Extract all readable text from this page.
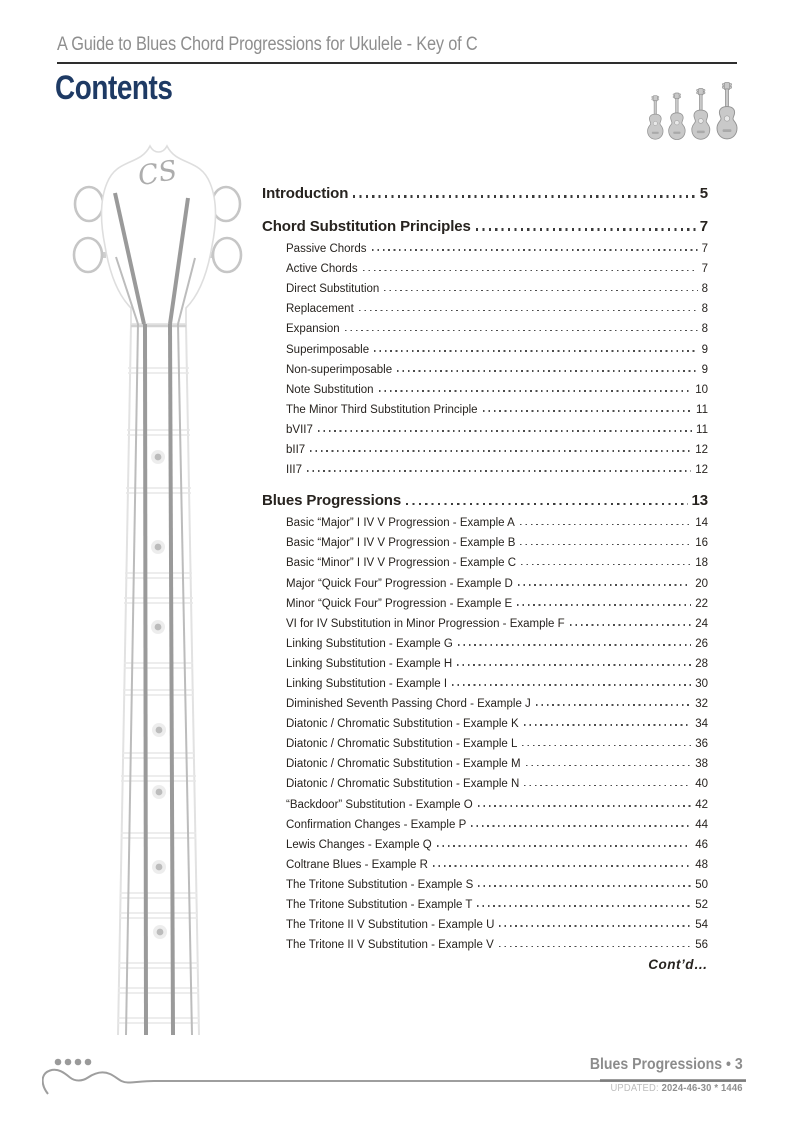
A Guide to Blues Chord Progressions for Ukulele - Key of C
Contents
CS
Introduction	5
Chord Substitution Principles	7
Passive Chords	7
Active Chords	7
Direct Substitution	8
Replacement	8
Expansion	8
Superimposable	9
Non-superimposable	9
Note Substitution	10
The Minor Third Substitution Principle	11
bVII7	11
bII7	12
III7	12
Blues Progressions	13
Basic “Major” I IV V Progression - Example A	14
Basic “Major” I IV V Progression - Example B	16
Basic “Minor” I IV V Progression - Example C	18
Major “Quick Four” Progression - Example D	20
Minor “Quick Four” Progression - Example E	22
VI for IV Substitution in Minor Progression - Example F	24
Linking Substitution - Example G	26
Linking Substitution - Example H	28
Linking Substitution - Example I	30
Diminished Seventh Passing Chord - Example J	32
Diatonic / Chromatic Substitution - Example K	34
Diatonic / Chromatic Substitution - Example L	36
Diatonic / Chromatic Substitution - Example M	38
Diatonic / Chromatic Substitution - Example N	40
“Backdoor” Substitution - Example O	42
Confirmation Changes - Example P	44
Lewis Changes - Example Q	46
Coltrane Blues - Example R	48
The Tritone Substitution - Example S	50
The Tritone Substitution - Example T	52
The Tritone II V Substitution - Example U	54
The Tritone II V Substitution - Example V	56
Cont’d…
Blues Progressions • 3
UPDATED: 2024-46-30 * 1446
